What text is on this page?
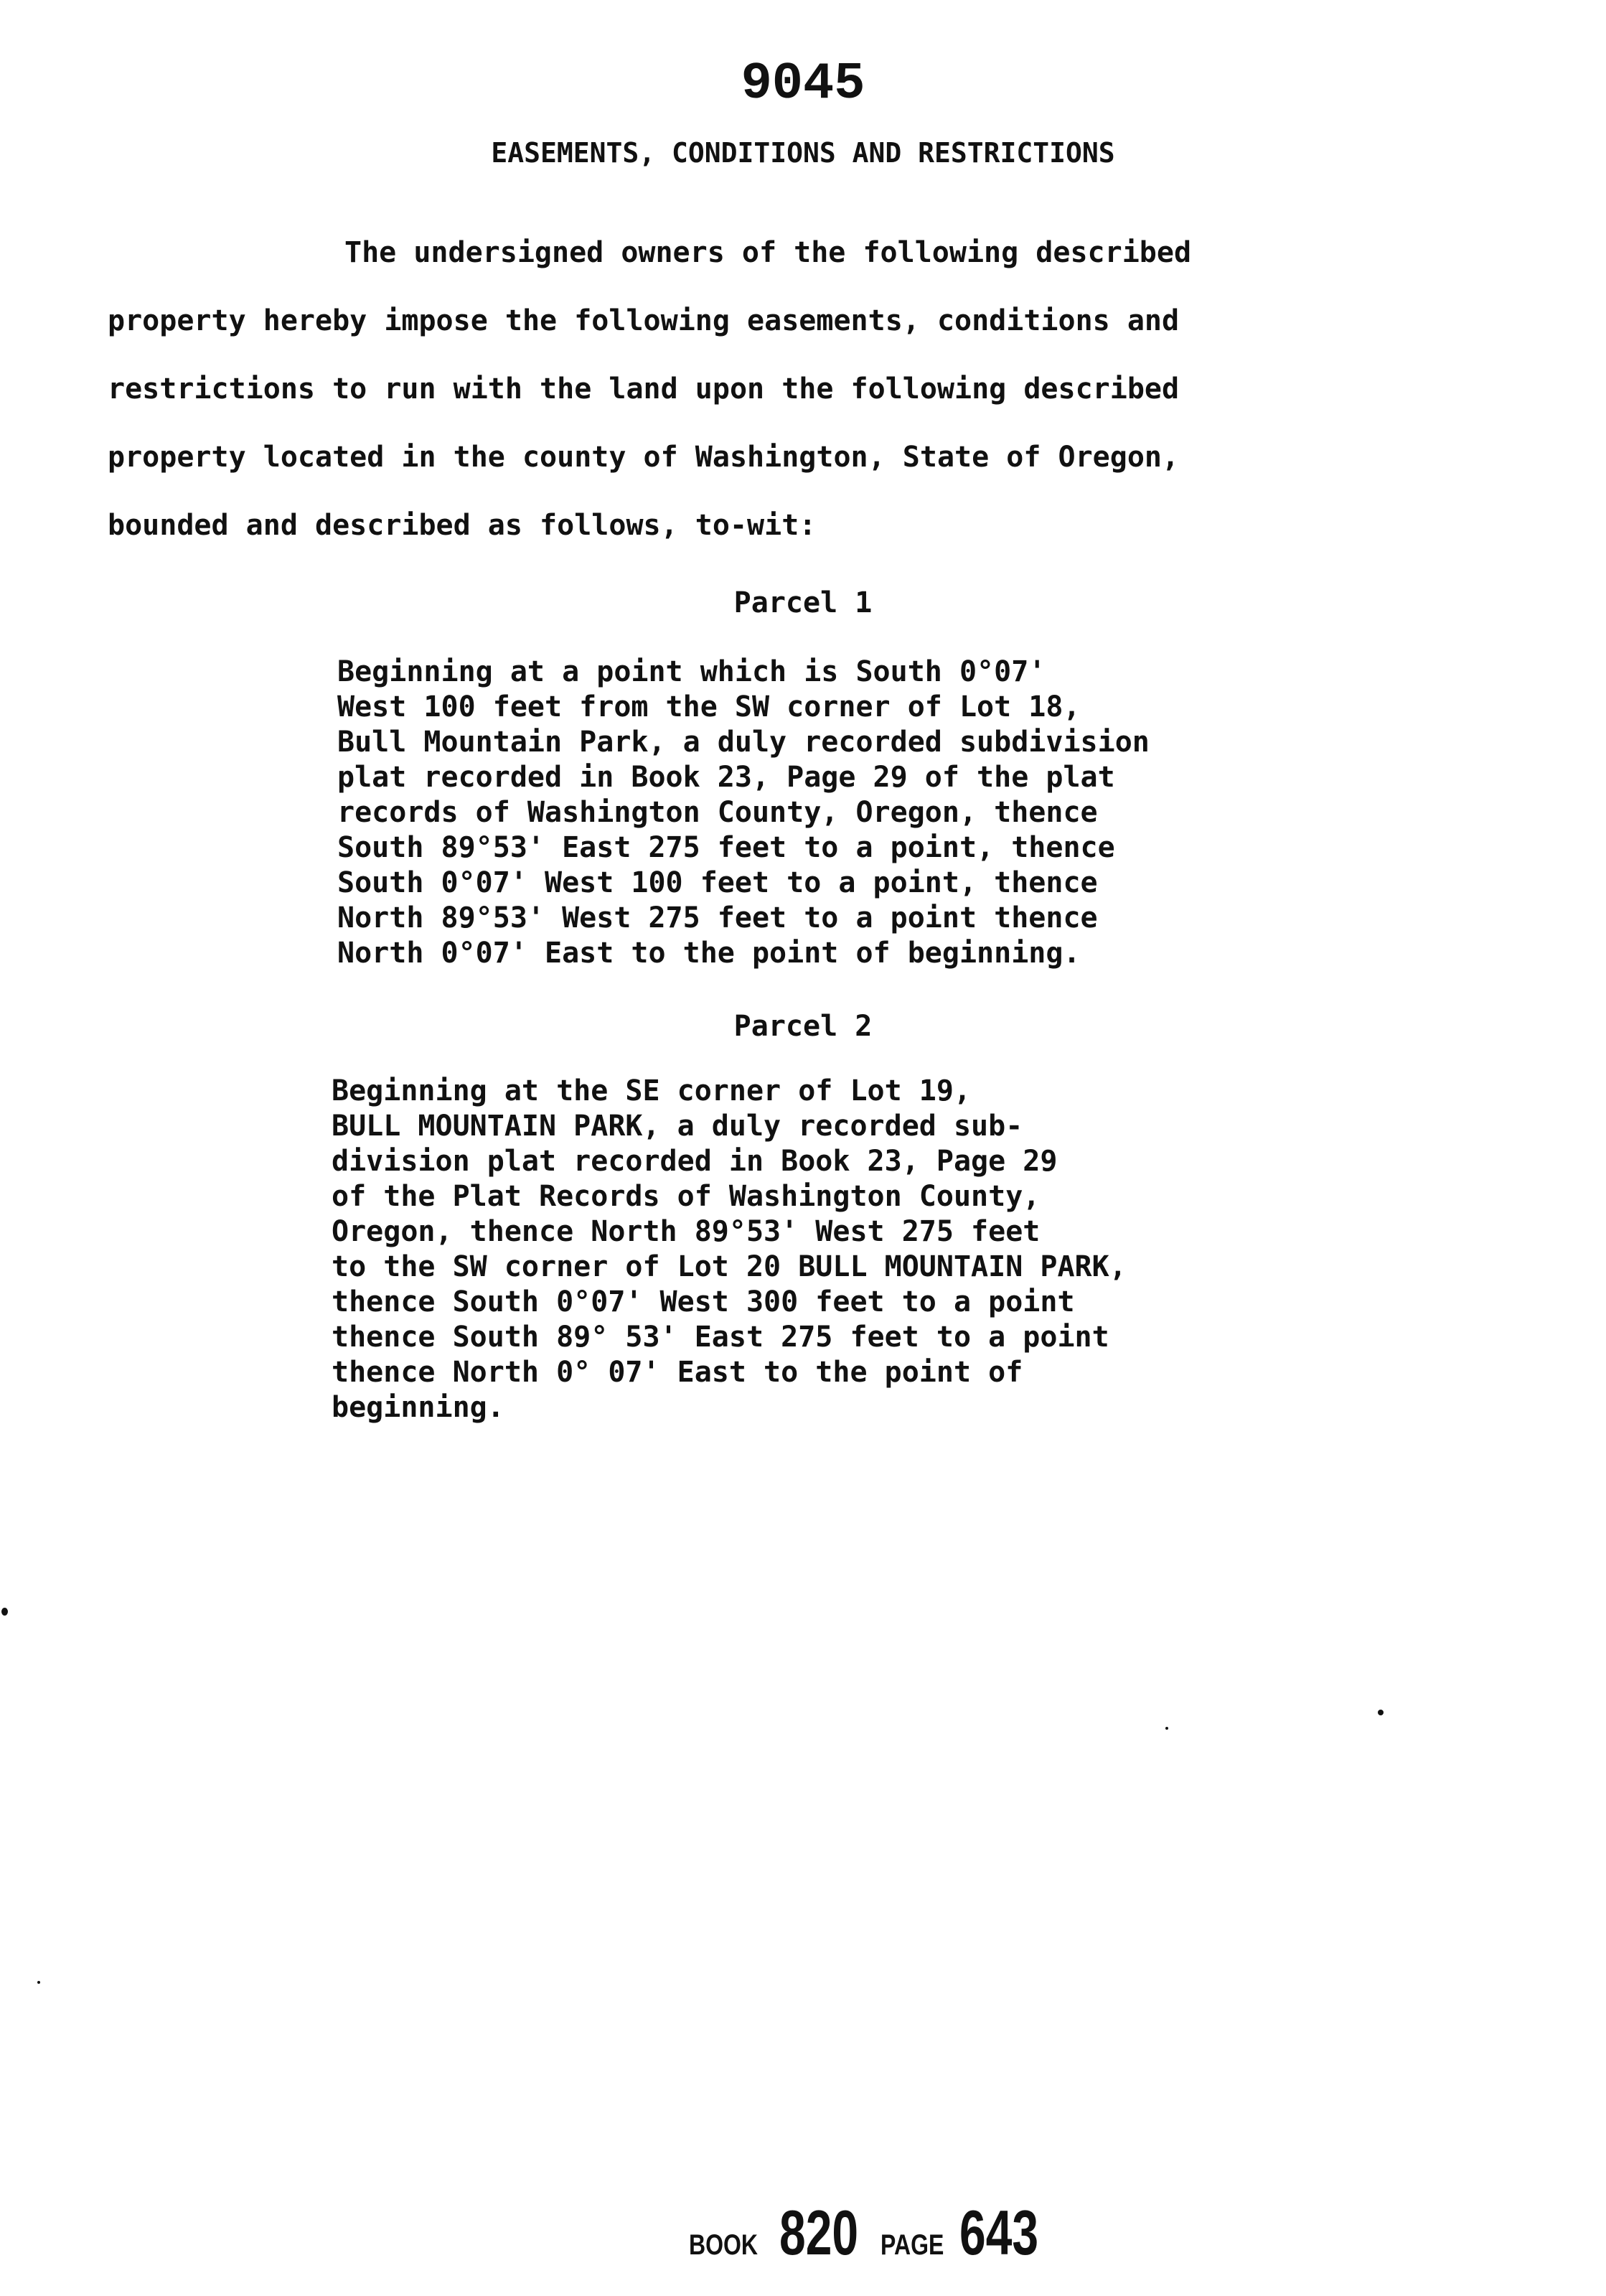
9045
EASEMENTS, CONDITIONS AND RESTRICTIONS
The undersigned owners of the following described
property hereby impose the following easements, conditions and
restrictions to run with the land upon the following described
property located in the county of Washington, State of Oregon,
bounded and described as follows, to-wit:
Parcel 1
Beginning at a point which is South 0°07'
West 100 feet from the SW corner of Lot 18,
Bull Mountain Park, a duly recorded subdivision
plat recorded in Book 23, Page 29 of the plat
records of Washington County, Oregon, thence
South 89°53' East 275 feet to a point, thence
South 0°07' West 100 feet to a point, thence
North 89°53' West 275 feet to a point thence
North 0°07' East to the point of beginning.
Parcel 2
Beginning at the SE corner of Lot 19,
BULL MOUNTAIN PARK, a duly recorded sub-
division plat recorded in Book 23, Page 29
of the Plat Records of Washington County,
Oregon, thence North 89°53' West 275 feet
to the SW corner of Lot 20 BULL MOUNTAIN PARK,
thence South 0°07' West 300 feet to a point
thence South 89° 53' East 275 feet to a point
thence North 0° 07' East to the point of
beginning.
BOOK 820 PAGE 643
